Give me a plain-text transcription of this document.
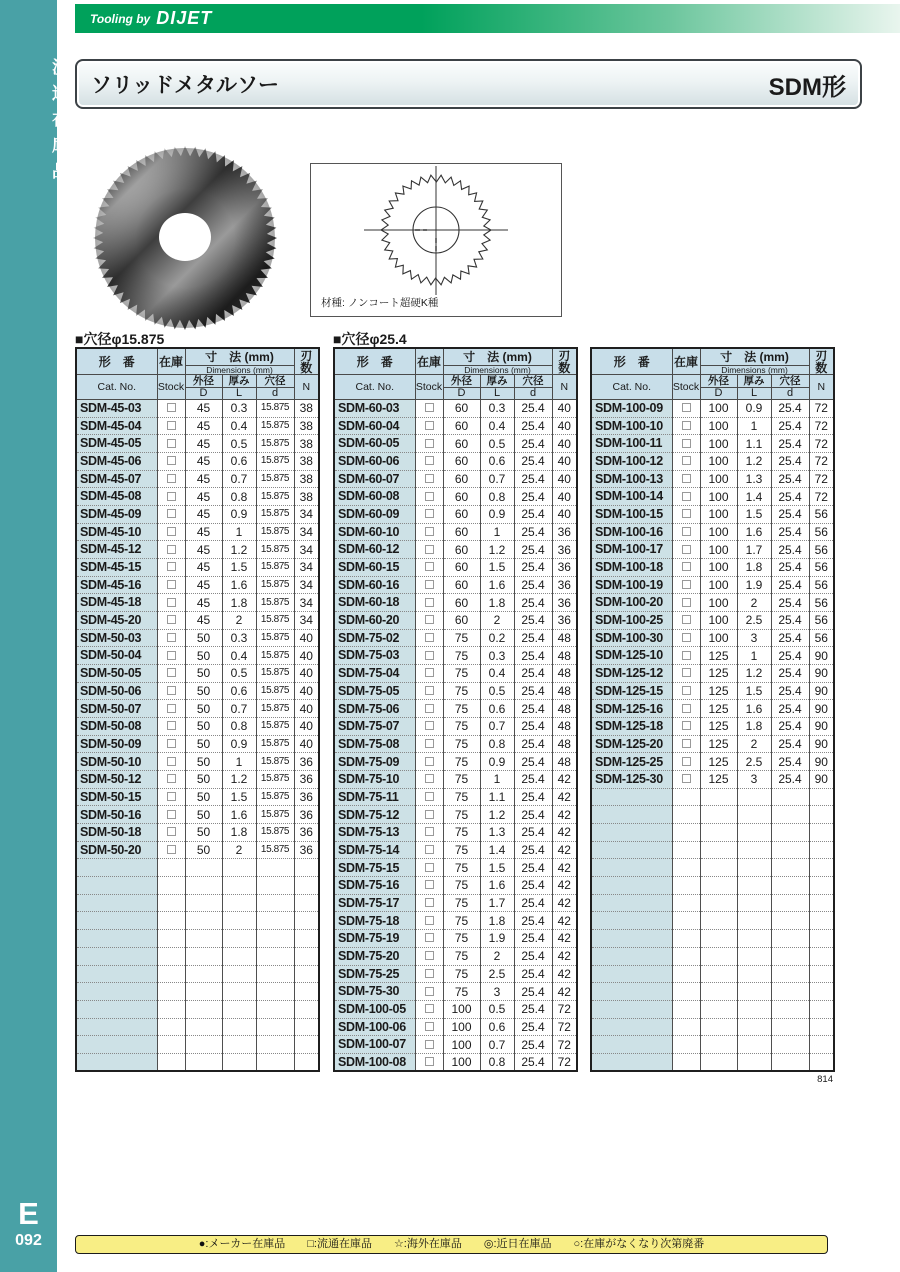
流通在庫品
E
092
Tooling by DIJET
ソリッドメタルソー	SDM形
材種: ノンコート超硬K種
■穴径φ15.875	■穴径φ25.4
形　番	在庫	寸　法 (mm)			刃数
		Dimensions (mm)			
Cat. No.	Stock	外径	厚み	穴径	N
		D	L	d	
SDM-45-03		45	0.3	15.875	38
SDM-45-04		45	0.4	15.875	38
SDM-45-05		45	0.5	15.875	38
SDM-45-06		45	0.6	15.875	38
SDM-45-07		45	0.7	15.875	38
SDM-45-08		45	0.8	15.875	38
SDM-45-09		45	0.9	15.875	34
SDM-45-10		45	1	15.875	34
SDM-45-12		45	1.2	15.875	34
SDM-45-15		45	1.5	15.875	34
SDM-45-16		45	1.6	15.875	34
SDM-45-18		45	1.8	15.875	34
SDM-45-20		45	2	15.875	34
SDM-50-03		50	0.3	15.875	40
SDM-50-04		50	0.4	15.875	40
SDM-50-05		50	0.5	15.875	40
SDM-50-06		50	0.6	15.875	40
SDM-50-07		50	0.7	15.875	40
SDM-50-08		50	0.8	15.875	40
SDM-50-09		50	0.9	15.875	40
SDM-50-10		50	1	15.875	36
SDM-50-12		50	1.2	15.875	36
SDM-50-15		50	1.5	15.875	36
SDM-50-16		50	1.6	15.875	36
SDM-50-18		50	1.8	15.875	36
SDM-50-20		50	2	15.875	36

形　番	在庫	寸　法 (mm)			刃数
		Dimensions (mm)			
Cat. No.	Stock	外径	厚み	穴径	N
		D	L	d	
SDM-60-03		60	0.3	25.4	40
SDM-60-04		60	0.4	25.4	40
SDM-60-05		60	0.5	25.4	40
SDM-60-06		60	0.6	25.4	40
SDM-60-07		60	0.7	25.4	40
SDM-60-08		60	0.8	25.4	40
SDM-60-09		60	0.9	25.4	40
SDM-60-10		60	1	25.4	36
SDM-60-12		60	1.2	25.4	36
SDM-60-15		60	1.5	25.4	36
SDM-60-16		60	1.6	25.4	36
SDM-60-18		60	1.8	25.4	36
SDM-60-20		60	2	25.4	36
SDM-75-02		75	0.2	25.4	48
SDM-75-03		75	0.3	25.4	48
SDM-75-04		75	0.4	25.4	48
SDM-75-05		75	0.5	25.4	48
SDM-75-06		75	0.6	25.4	48
SDM-75-07		75	0.7	25.4	48
SDM-75-08		75	0.8	25.4	48
SDM-75-09		75	0.9	25.4	48
SDM-75-10		75	1	25.4	42
SDM-75-11		75	1.1	25.4	42
SDM-75-12		75	1.2	25.4	42
SDM-75-13		75	1.3	25.4	42
SDM-75-14		75	1.4	25.4	42
SDM-75-15		75	1.5	25.4	42
SDM-75-16		75	1.6	25.4	42
SDM-75-17		75	1.7	25.4	42
SDM-75-18		75	1.8	25.4	42
SDM-75-19		75	1.9	25.4	42
SDM-75-20		75	2	25.4	42
SDM-75-25		75	2.5	25.4	42
SDM-75-30		75	3	25.4	42
SDM-100-05		100	0.5	25.4	72
SDM-100-06		100	0.6	25.4	72
SDM-100-07		100	0.7	25.4	72
SDM-100-08		100	0.8	25.4	72
形　番	在庫	寸　法 (mm)			刃数
		Dimensions (mm)			
Cat. No.	Stock	外径	厚み	穴径	N
		D	L	d	
SDM-100-09		100	0.9	25.4	72
SDM-100-10		100	1	25.4	72
SDM-100-11		100	1.1	25.4	72
SDM-100-12		100	1.2	25.4	72
SDM-100-13		100	1.3	25.4	72
SDM-100-14		100	1.4	25.4	72
SDM-100-15		100	1.5	25.4	56
SDM-100-16		100	1.6	25.4	56
SDM-100-17		100	1.7	25.4	56
SDM-100-18		100	1.8	25.4	56
SDM-100-19		100	1.9	25.4	56
SDM-100-20		100	2	25.4	56
SDM-100-25		100	2.5	25.4	56
SDM-100-30		100	3	25.4	56
SDM-125-10		125	1	25.4	90
SDM-125-12		125	1.2	25.4	90
SDM-125-15		125	1.5	25.4	90
SDM-125-16		125	1.6	25.4	90
SDM-125-18		125	1.8	25.4	90
SDM-125-20		125	2	25.4	90
SDM-125-25		125	2.5	25.4	90
SDM-125-30		125	3	25.4	90

814
●:メーカー在庫品　　□:流通在庫品　　☆:海外在庫品　　◎:近日在庫品　　○:在庫がなくなり次第廃番
